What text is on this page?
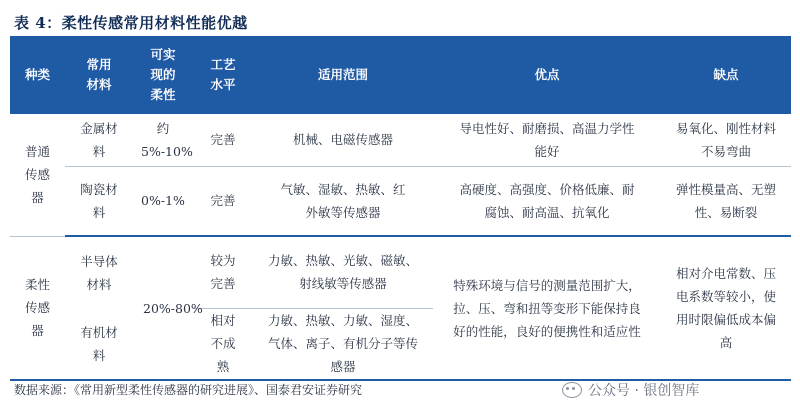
表 4：柔性传感常用材料性能优越
种类	常用材料	可实现的柔性	工艺水平	适用范围	优点	缺点
普通传感器	金属材料	约 5%-10%	完善	机械、电磁传感器	导电性好、耐磨损、高温力学性能好	易氧化、刚性材料不易弯曲
	陶瓷材料	0%-1%	完善	气敏、湿敏、热敏、红外敏等传感器	高硬度、高强度、价格低廉、耐腐蚀、耐高温、抗氧化	弹性模量高、无塑性、易断裂
柔性传感器	半导体材料	20%-80%	较为完善	力敏、热敏、光敏、磁敏、射线敏等传感器	特殊环境与信号的测量范围扩大，拉、压、弯和扭等变形下能保持良好的性能，良好的便携性和适应性	相对介电常数、压电系数等较小，使用时限偏低成本偏高
	有机材料		相对不成熟	力敏、热敏、力敏、湿度、气体、离子、有机分子等传感器		
数据来源：《常用新型柔性传感器的研究进展》、国泰君安证券研究	公众号 · 银创智库
